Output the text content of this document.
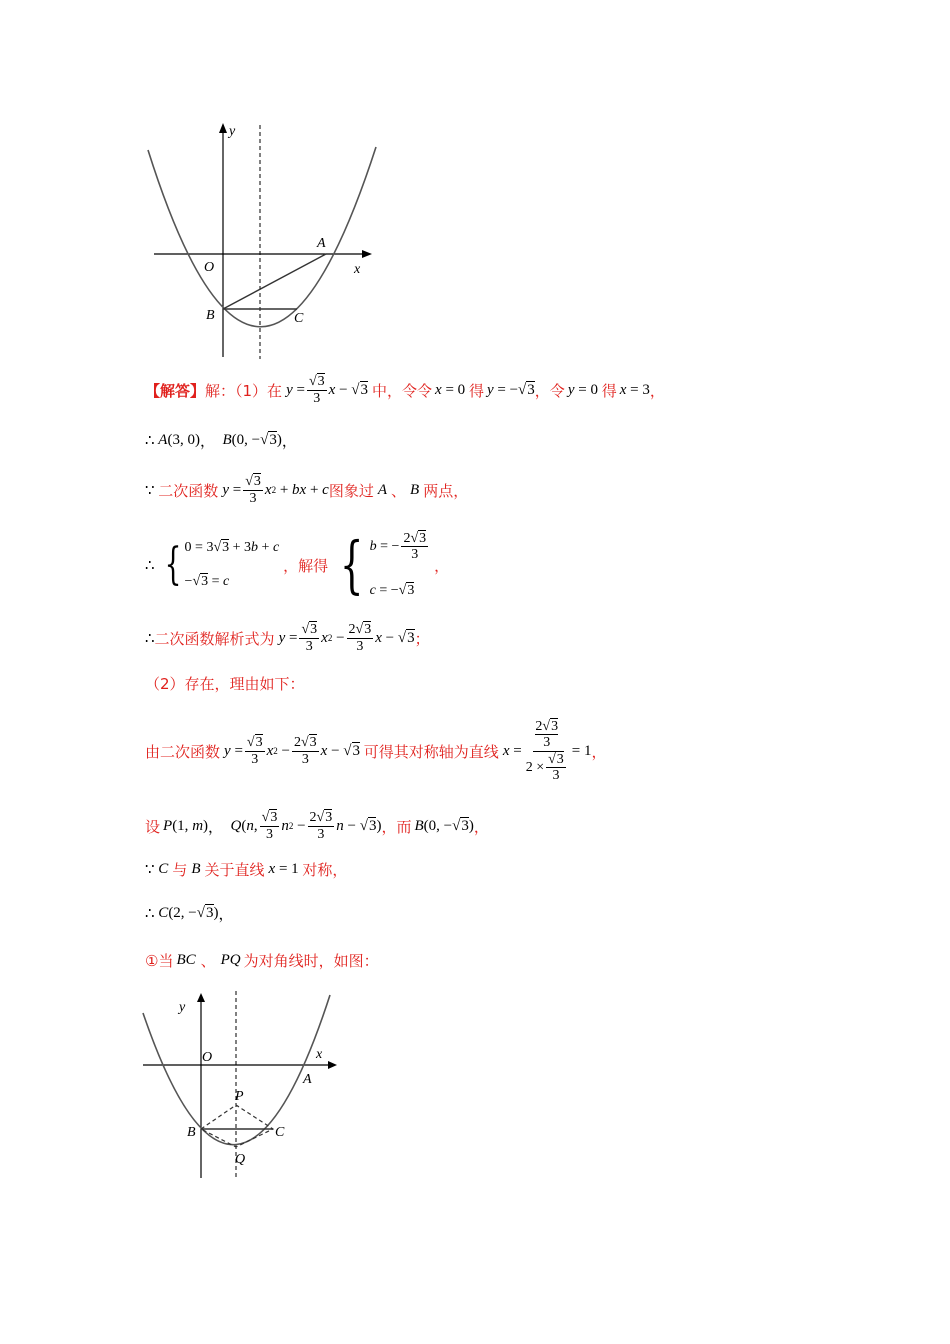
y
x
O
A
B	C
【解答】 解：（1）在 $y = \frac{√3}{3}$ x − √3 中，令 令 x = 0 得 y = −√3 ， 令 y = 0 得 x = 3 ，
∴ A (3, 0) ， B (0, −√3) ，
∵ 二次函数 $y = \frac{√3}{3}$ x 2 + bx + c 图象过 A 、 B 两点，
∴ { 0 = 3√3 + 3b + c
−√3 = c
，解得 { b = − $\frac{2√3}{3}$
c = −√3
，
∴ 二次函数解析式为 $y = \frac{√3}{3}$ x $2 - \frac{2√3}{3}$ x − √3 ；
（2）存在，理由如下：
由二次函数 $y = \frac{√3}{3}$ x $2 - \frac{2√3}{3}$ x − √3 可得其对称轴为直线 x = 2√3
3
$2 \times \frac{√3}{3} = 1$ ，
设 P (1, m) ， Q (n, $\frac{√3}{3}$ n $2 - \frac{2√3}{3}$ n − √3) ，而 B (0, −√3) ，
∵ C 与 B 关于直线 x = 1 对称，
∴ C (2, −√3) ，
①当 BC 、 PQ 为对角线时，如图：
y
x
O
A
B	C
P
Q
